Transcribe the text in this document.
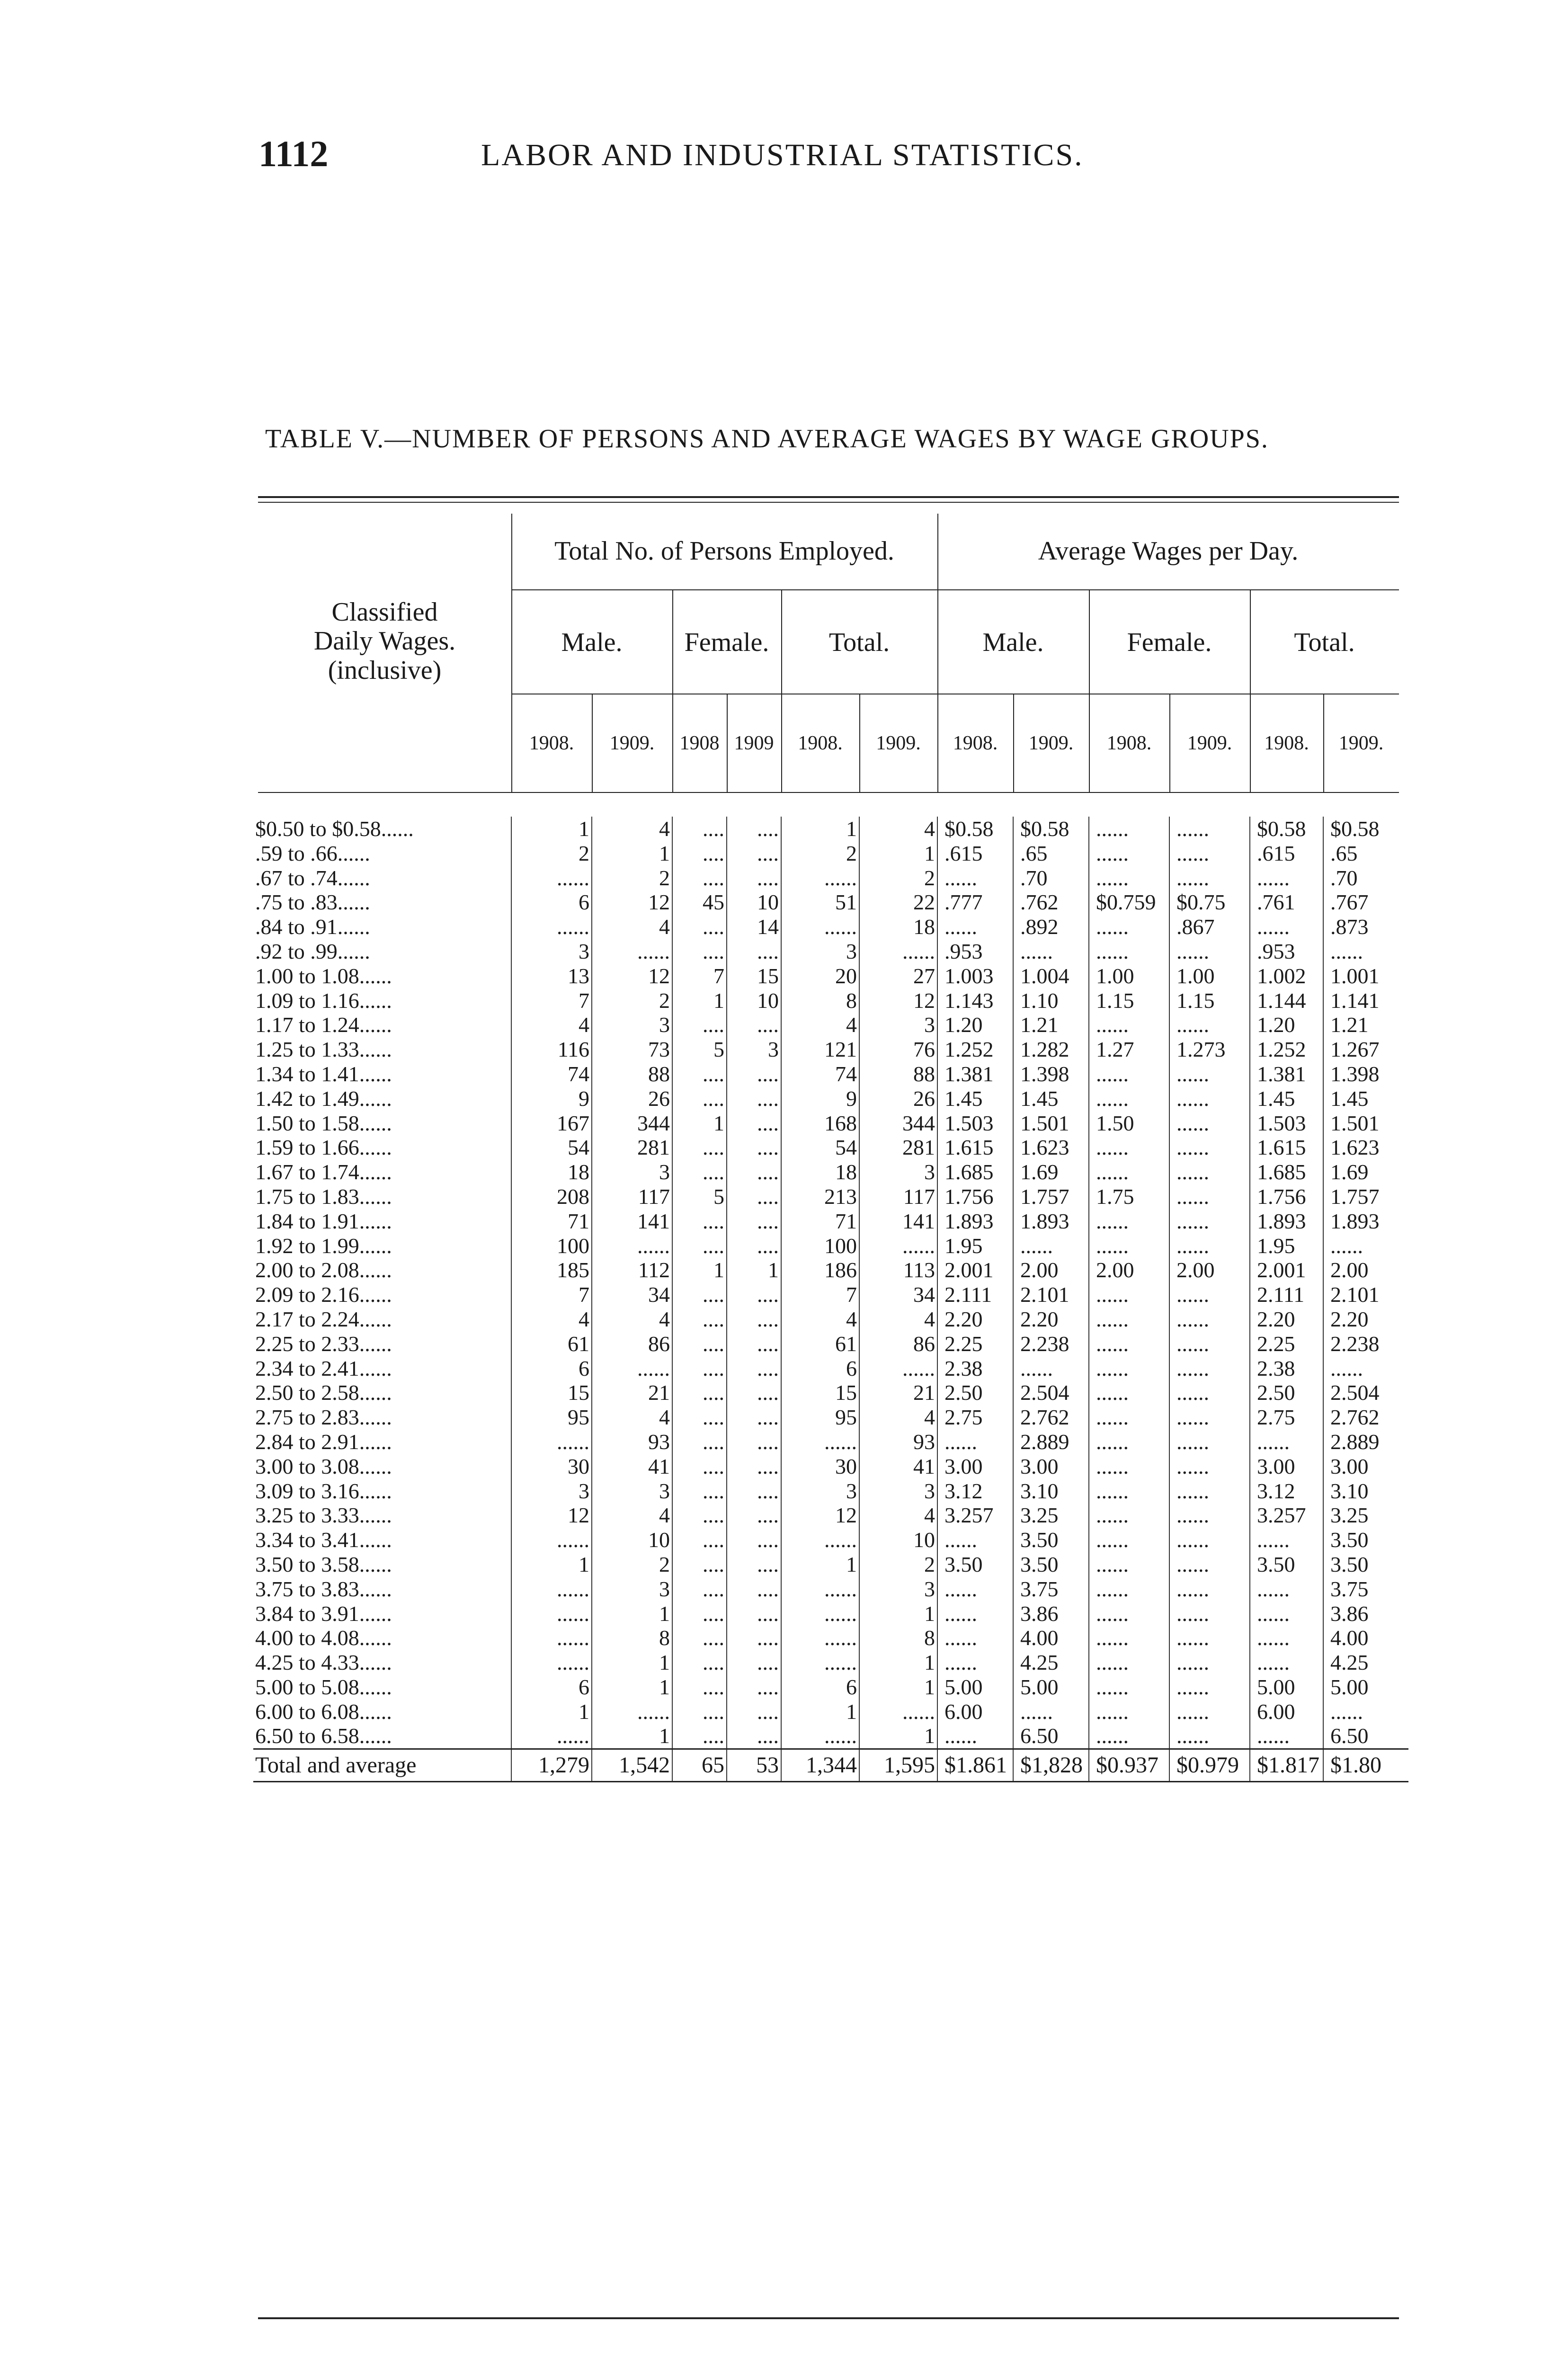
1112	LABOR AND INDUSTRIAL STATISTICS.
TABLE V.—NUMBER OF PERSONS AND AVERAGE WAGES BY WAGE GROUPS.
Classified
Daily Wages.
(inclusive)
Total No. of Persons Employed.	Average Wages per Day.
Male.	Female.	Total.	Male.	Female.	Total.
1908.	1909.	1908 1909	1908.	1909.	1908.	1909.	1908.	1909.	1908.	1909.
$0.50 to $0.58......	1	4	....	....	1	4	$0.58	$0.58	......	......	$0.58	$0.58
.59 to .66......	2	1	....	....	2	1	.615	.65	......	......	.615	.65
.67 to .74......	......	2	....	....	......	2	......	.70	......	......	......	.70
.75 to .83......	6	12	45	10	51	22	.777	.762	$0.759	$0.75	.761	.767
.84 to .91......	......	4	....	14	......	18	......	.892	......	.867	......	.873
.92 to .99......	3	......	....	....	3	......	.953	......	......	......	.953	......
1.00 to 1.08......	13	12	7	15	20	27	1.003	1.004	1.00	1.00	1.002	1.001
1.09 to 1.16......	7	2	1	10	8	12	1.143	1.10	1.15	1.15	1.144	1.141
1.17 to 1.24......	4	3	....	....	4	3	1.20	1.21	......	......	1.20	1.21
1.25 to 1.33......	116	73	5	3	121	76	1.252	1.282	1.27	1.273	1.252	1.267
1.34 to 1.41......	74	88	....	....	74	88	1.381	1.398	......	......	1.381	1.398
1.42 to 1.49......	9	26	....	....	9	26	1.45	1.45	......	......	1.45	1.45
1.50 to 1.58......	167	344	1	....	168	344	1.503	1.501	1.50	......	1.503	1.501
1.59 to 1.66......	54	281	....	....	54	281	1.615	1.623	......	......	1.615	1.623
1.67 to 1.74......	18	3	....	....	18	3	1.685	1.69	......	......	1.685	1.69
1.75 to 1.83......	208	117	5	....	213	117	1.756	1.757	1.75	......	1.756	1.757
1.84 to 1.91......	71	141	....	....	71	141	1.893	1.893	......	......	1.893	1.893
1.92 to 1.99......	100	......	....	....	100	......	1.95	......	......	......	1.95	......
2.00 to 2.08......	185	112	1	1	186	113	2.001	2.00	2.00	2.00	2.001	2.00
2.09 to 2.16......	7	34	....	....	7	34	2.111	2.101	......	......	2.111	2.101
2.17 to 2.24......	4	4	....	....	4	4	2.20	2.20	......	......	2.20	2.20
2.25 to 2.33......	61	86	....	....	61	86	2.25	2.238	......	......	2.25	2.238
2.34 to 2.41......	6	......	....	....	6	......	2.38	......	......	......	2.38	......
2.50 to 2.58......	15	21	....	....	15	21	2.50	2.504	......	......	2.50	2.504
2.75 to 2.83......	95	4	....	....	95	4	2.75	2.762	......	......	2.75	2.762
2.84 to 2.91......	......	93	....	....	......	93	......	2.889	......	......	......	2.889
3.00 to 3.08......	30	41	....	....	30	41	3.00	3.00	......	......	3.00	3.00
3.09 to 3.16......	3	3	....	....	3	3	3.12	3.10	......	......	3.12	3.10
3.25 to 3.33......	12	4	....	....	12	4	3.257	3.25	......	......	3.257	3.25
3.34 to 3.41......	......	10	....	....	......	10	......	3.50	......	......	......	3.50
3.50 to 3.58......	1	2	....	....	1	2	3.50	3.50	......	......	3.50	3.50
3.75 to 3.83......	......	3	....	....	......	3	......	3.75	......	......	......	3.75
3.84 to 3.91......	......	1	....	....	......	1	......	3.86	......	......	......	3.86
4.00 to 4.08......	......	8	....	....	......	8	......	4.00	......	......	......	4.00
4.25 to 4.33......	......	1	....	....	......	1	......	4.25	......	......	......	4.25
5.00 to 5.08......	6	1	....	....	6	1	5.00	5.00	......	......	5.00	5.00
6.00 to 6.08......	1	......	....	....	1	......	6.00	......	......	......	6.00	......
6.50 to 6.58......	......	1	....	....	......	1	......	6.50	......	......	......	6.50
Total and average	1,279	1,542	65	53	1,344	1,595	$1.861	$1,828	$0.937	$0.979	$1.817	$1.80
